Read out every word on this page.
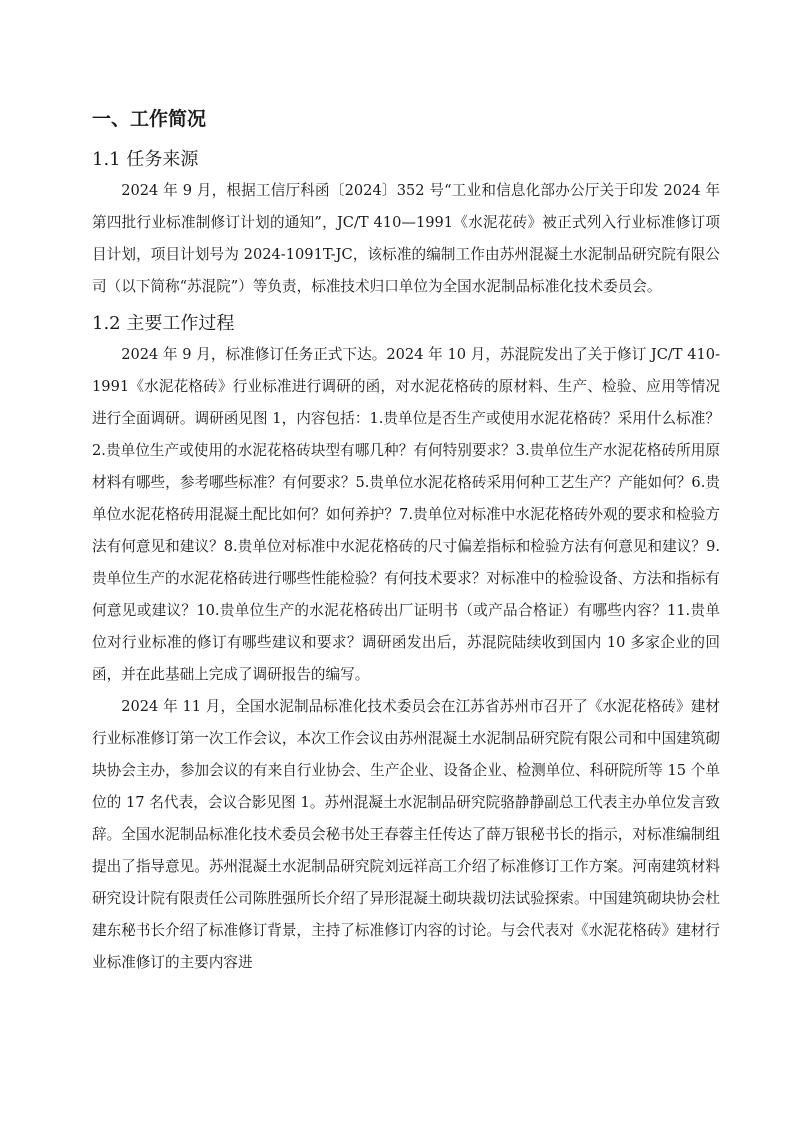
一、工作简况
1.1 任务来源

2024 年 9 月，根据工信厅科函〔2024〕352 号“工业和信息化部办公厅关于印发 2024 年第四批行业标准制修订计划的通知”，JC/T 410—1991《水泥花砖》被正式列入行业标准修订项目计划，项目计划号为 2024-1091T-JC，该标准的编制工作由苏州混凝土水泥制品研究院有限公司（以下简称“苏混院”）等负责，标准技术归口单位为全国水泥制品标准化技术委员会。

1.2 主要工作过程

2024 年 9 月，标准修订任务正式下达。2024 年 10 月，苏混院发出了关于修订 JC/T 410-1991《水泥花格砖》行业标准进行调研的函，对水泥花格砖的原材料、生产、检验、应用等情况进行全面调研。调研函见图 1，内容包括：1.贵单位是否生产或使用水泥花格砖？采用什么标准？2.贵单位生产或使用的水泥花格砖块型有哪几种？有何特别要求？3.贵单位生产水泥花格砖所用原材料有哪些，参考哪些标准？有何要求？5.贵单位水泥花格砖采用何种工艺生产？产能如何？6.贵单位水泥花格砖用混凝土配比如何？如何养护？7.贵单位对标准中水泥花格砖外观的要求和检验方法有何意见和建议？8.贵单位对标准中水泥花格砖的尺寸偏差指标和检验方法有何意见和建议？9.贵单位生产的水泥花格砖进行哪些性能检验？有何技术要求？对标准中的检验设备、方法和指标有何意见或建议？10.贵单位生产的水泥花格砖出厂证明书（或产品合格证）有哪些内容？11.贵单位对行业标准的修订有哪些建议和要求？调研函发出后，苏混院陆续收到国内 10 多家企业的回函，并在此基础上完成了调研报告的编写。

2024 年 11 月，全国水泥制品标准化技术委员会在江苏省苏州市召开了《水泥花格砖》建材行业标准修订第一次工作会议，本次工作会议由苏州混凝土水泥制品研究院有限公司和中国建筑砌块协会主办，参加会议的有来自行业协会、生产企业、设备企业、检测单位、科研院所等 15 个单位的 17 名代表，会议合影见图 1。苏州混凝土水泥制品研究院骆静静副总工代表主办单位发言致辞。全国水泥制品标准化技术委员会秘书处王春蓉主任传达了薛万银秘书长的指示，对标准编制组提出了指导意见。苏州混凝土水泥制品研究院刘远祥高工介绍了标准修订工作方案。河南建筑材料研究设计院有限责任公司陈胜强所长介绍了异形混凝土砌块裁切法试验探索。中国建筑砌块协会杜建东秘书长介绍了标准修订背景，主持了标准修订内容的讨论。与会代表对《水泥花格砖》建材行业标准修订的主要内容进
